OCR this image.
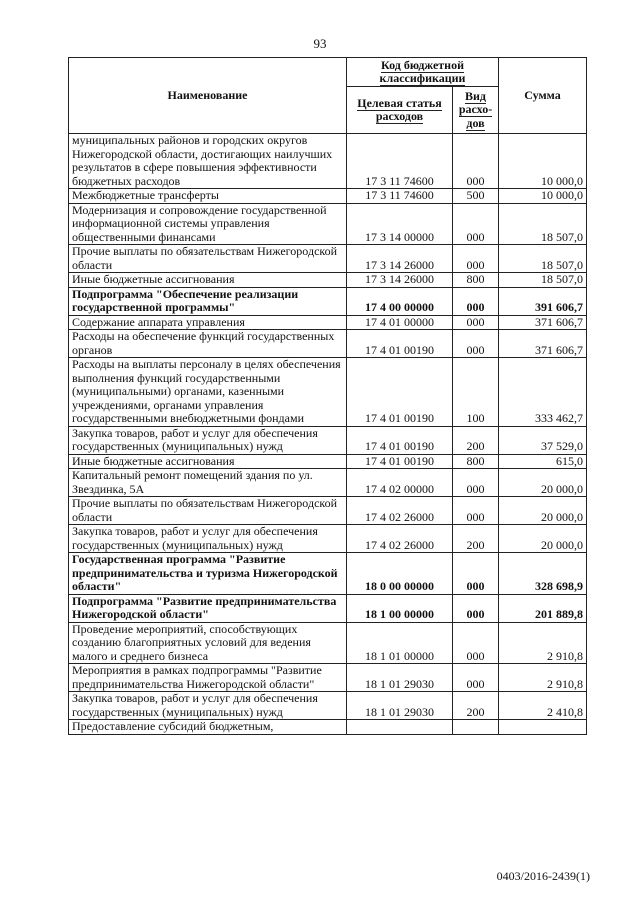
93
Наименование	Код бюджетной классификации		Сумма
	Целевая статья расходов	Вид расхо-дов	
муниципальных районов и городских округов Нижегородской области, достигающих наилучших результатов в сфере повышения эффективности бюджетных расходов	17 3 11 74600	000	10 000,0
Межбюджетные трансферты	17 3 11 74600	500	10 000,0
Модернизация и сопровождение государственной информационной системы управления общественными финансами	17 3 14 00000	000	18 507,0
Прочие выплаты по обязательствам Нижегородской области	17 3 14 26000	000	18 507,0
Иные бюджетные ассигнования	17 3 14 26000	800	18 507,0
Подпрограмма "Обеспечение реализации государственной программы"	17 4 00 00000	000	391 606,7
Содержание аппарата управления	17 4 01 00000	000	371 606,7
Расходы на обеспечение функций государственных органов	17 4 01 00190	000	371 606,7
Расходы на выплаты персоналу в целях обеспечения выполнения функций государственными (муниципальными) органами, казенными учреждениями, органами управления государственными внебюджетными фондами	17 4 01 00190	100	333 462,7
Закупка товаров, работ и услуг для обеспечения государственных (муниципальных) нужд	17 4 01 00190	200	37 529,0
Иные бюджетные ассигнования	17 4 01 00190	800	615,0
Капитальный ремонт помещений здания по ул. Звездинка, 5А	17 4 02 00000	000	20 000,0
Прочие выплаты по обязательствам Нижегородской области	17 4 02 26000	000	20 000,0
Закупка товаров, работ и услуг для обеспечения государственных (муниципальных) нужд	17 4 02 26000	200	20 000,0
Государственная программа "Развитие предпринимательства и туризма Нижегородской области"	18 0 00 00000	000	328 698,9
Подпрограмма "Развитие предпринимательства Нижегородской области"	18 1 00 00000	000	201 889,8
Проведение мероприятий, способствующих созданию благоприятных условий для ведения малого и среднего бизнеса	18 1 01 00000	000	2 910,8
Мероприятия в рамках подпрограммы "Развитие предпринимательства Нижегородской области"	18 1 01 29030	000	2 910,8
Закупка товаров, работ и услуг для обеспечения государственных (муниципальных) нужд	18 1 01 29030	200	2 410,8
Предоставление субсидий бюджетным,			
0403/2016-2439(1)
